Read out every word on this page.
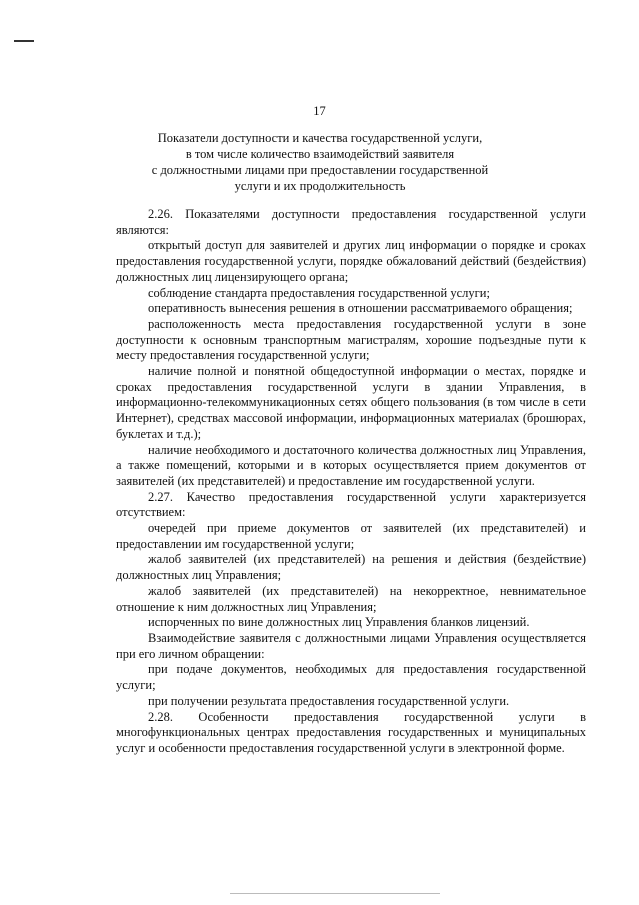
17
Показатели доступности и качества государственной услуги,
в том числе количество взаимодействий заявителя
с должностными лицами при предоставлении государственной
услуги и их продолжительность

2.26. Показателями доступности предоставления государственной услуги являются:

открытый доступ для заявителей и других лиц информации о порядке и сроках предоставления государственной услуги, порядке обжалований действий (бездействия) должностных лиц лицензирующего органа;

соблюдение стандарта предоставления государственной услуги;

оперативность вынесения решения в отношении рассматриваемого обращения;

расположенность места предоставления государственной услуги в зоне доступности к основным транспортным магистралям, хорошие подъездные пути к месту предоставления государственной услуги;

наличие полной и понятной общедоступной информации о местах, порядке и сроках предоставления государственной услуги в здании Управления, в информационно-телекоммуникационных сетях общего пользования (в том числе в сети Интернет), средствах массовой информации, информационных материалах (брошюрах, буклетах и т.д.);

наличие необходимого и достаточного количества должностных лиц Управления, а также помещений, которыми и в которых осуществляется прием документов от заявителей (их представителей) и предоставление им государственной услуги.

2.27. Качество предоставления государственной услуги характеризуется отсутствием:

очередей при приеме документов от заявителей (их представителей) и предоставлении им государственной услуги;

жалоб заявителей (их представителей) на решения и действия (бездействие) должностных лиц Управления;

жалоб заявителей (их представителей) на некорректное, невнимательное отношение к ним должностных лиц Управления;

испорченных по вине должностных лиц Управления бланков лицензий.

Взаимодействие заявителя с должностными лицами Управления осуществляется при его личном обращении:

при подаче документов, необходимых для предоставления государственной услуги;

при получении результата предоставления государственной услуги.

2.28. Особенности предоставления государственной услуги в многофункциональных центрах предоставления государственных и муниципальных услуг и особенности предоставления государственной услуги в электронной форме.
